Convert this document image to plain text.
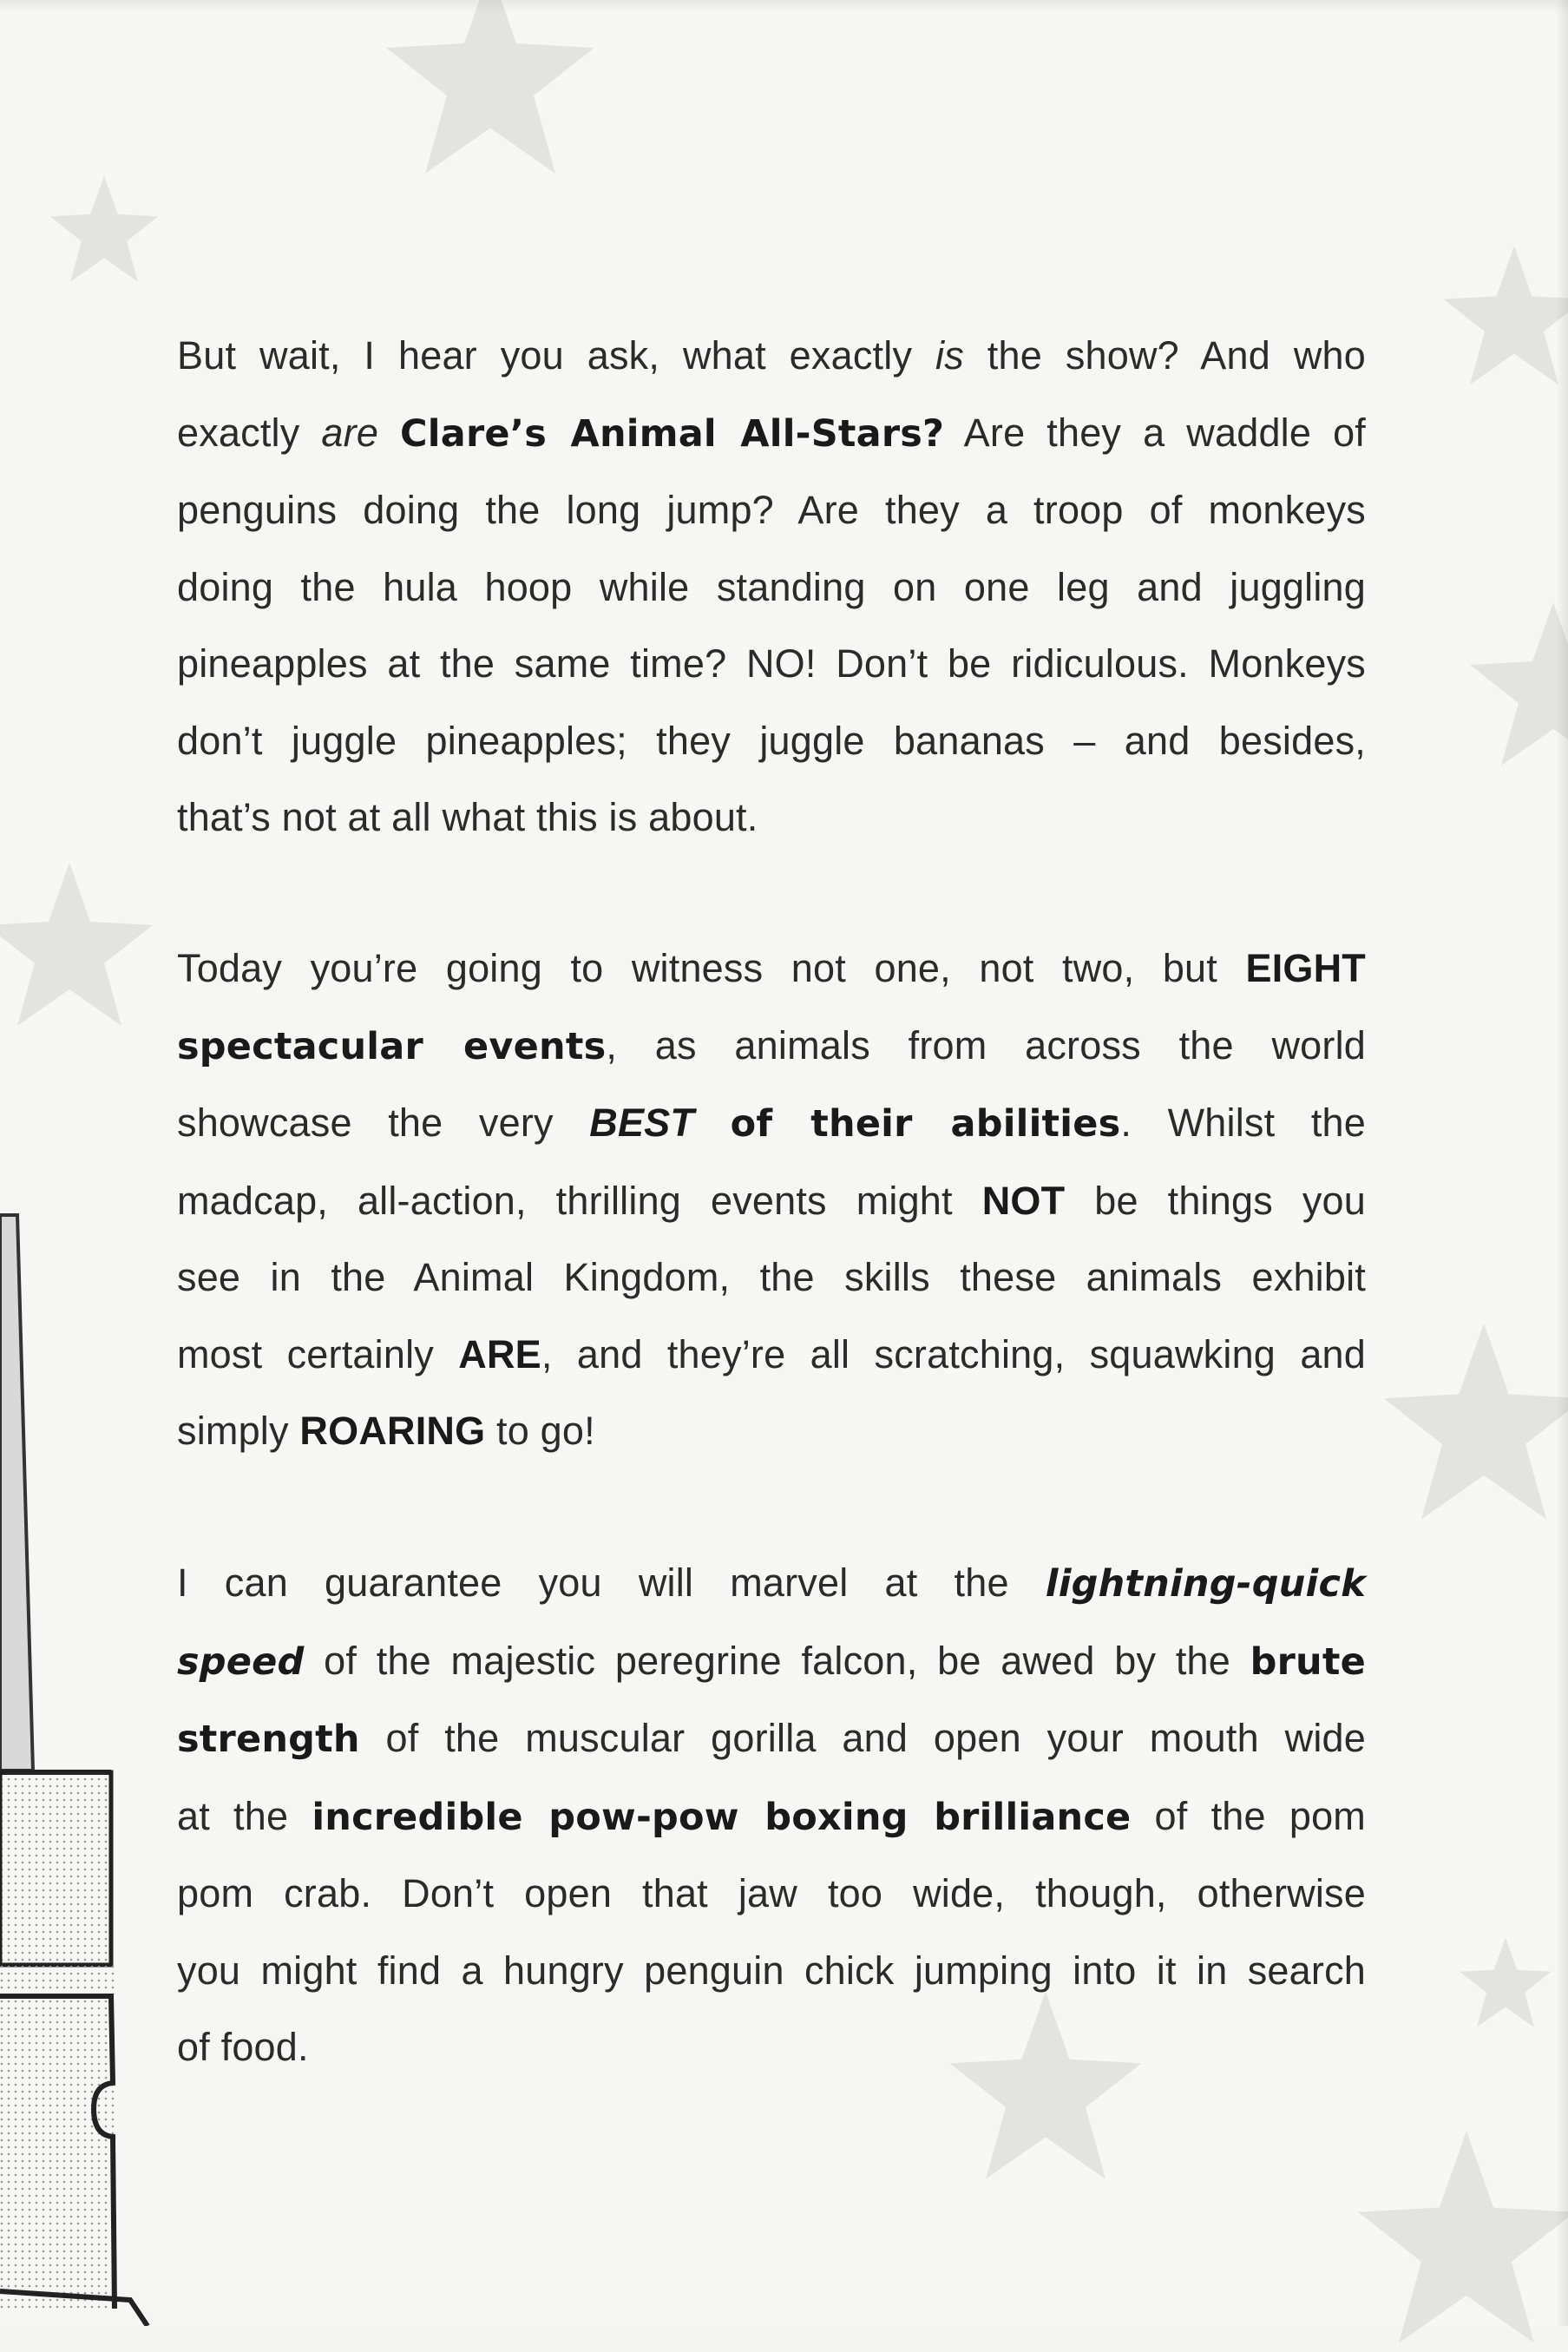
But wait, I hear you ask, what exactly is the show? And who
exactly are Clare’s Animal All-Stars? Are they a waddle of
penguins doing the long jump? Are they a troop of monkeys
doing the hula hoop while standing on one leg and juggling
pineapples at the same time? NO! Don’t be ridiculous. Monkeys
don’t juggle pineapples; they juggle bananas – and besides,
that’s not at all what this is about.

Today you’re going to witness not one, not two, but EIGHT
spectacular events, as animals from across the world
showcase the very BEST of their abilities. Whilst the
madcap, all-action, thrilling events might NOT be things you
see in the Animal Kingdom, the skills these animals exhibit
most certainly ARE, and they’re all scratching, squawking and
simply ROARING to go!

I can guarantee you will marvel at the lightning-quick
speed of the majestic peregrine falcon, be awed by the brute
strength of the muscular gorilla and open your mouth wide
at the incredible pow-pow boxing brilliance of the pom
pom crab. Don’t open that jaw too wide, though, otherwise
you might find a hungry penguin chick jumping into it in search
of food.
